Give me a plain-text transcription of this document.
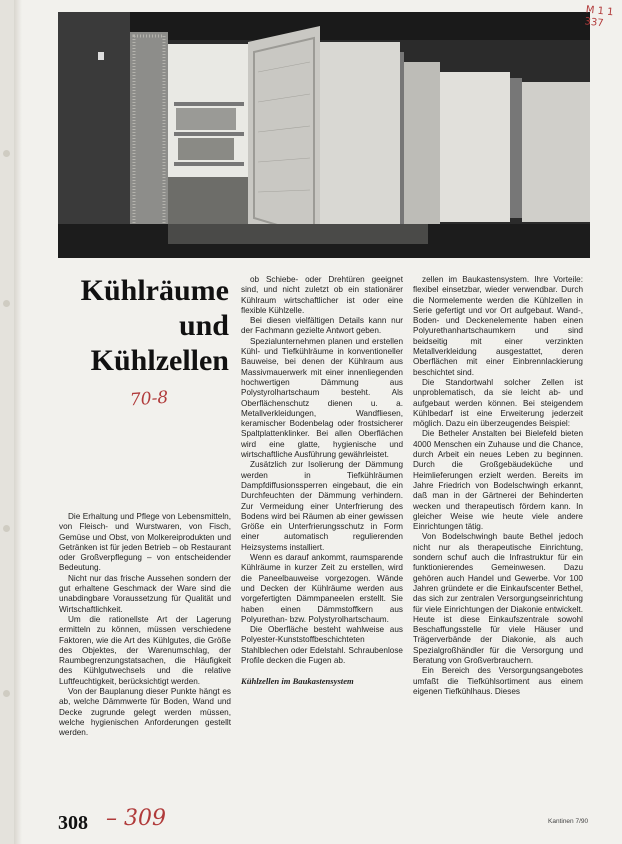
M 1 1
337
Kühlräume
und
Kühlzellen
70-8

Die Erhaltung und Pflege von Lebensmitteln, von Fleisch- und Wurstwaren, von Fisch, Gemüse und Obst, von Molkereiprodukten und Getränken ist für jeden Betrieb – ob Restaurant oder Großverpflegung – von entscheidender Bedeutung.

Nicht nur das frische Aussehen sondern der gut erhaltene Geschmack der Ware sind die unabdingbare Voraussetzung für Qualität und Wirtschaftlichkeit.

Um die rationellste Art der Lagerung ermitteln zu können, müssen verschiedene Faktoren, wie die Art des Kühlgutes, die Größe des Objektes, der Warenumschlag, der Raumbegrenzungstatsachen, die Häufigkeit des Kühlgutwechsels und die relative Luftfeuchtigkeit, berücksichtigt werden.

Von der Bauplanung dieser Punkte hängt es ab, welche Dämmwerte für Boden, Wand und Decke zugrunde gelegt werden müssen, welche hygienischen Anforderungen gestellt werden.

ob Schiebe- oder Drehtüren geeignet sind, und nicht zuletzt ob ein stationärer Kühlraum wirtschaftlicher ist oder eine flexible Kühlzelle.

Bei diesen vielfältigen Details kann nur der Fachmann gezielte Antwort geben.

Spezialunternehmen planen und erstellen Kühl- und Tiefkühlräume in konventioneller Bauweise, bei denen der Kühlraum aus Massivmauerwerk mit einer innenliegenden hochwertigen Dämmung aus Polystyrolhartschaum besteht. Als Oberflächenschutz dienen u. a. Metallverkleidungen, Wandfliesen, keramischer Bodenbelag oder frostsicherer Spaltplattenklinker. Bei allen Oberflächen wird eine glatte, hygienische und wirtschaftliche Ausführung gewährleistet.

Zusätzlich zur Isolierung der Dämmung werden in Tiefkühlräumen Dampfdiffusionssperren eingebaut, die ein Durchfeuchten der Dämmung verhindern. Zur Vermeidung einer Unterfrierung des Bodens wird bei Räumen ab einer gewissen Größe ein Unterfrierungsschutz in Form einer automatisch regulierenden Heizsystems installiert.

Wenn es darauf ankommt, raumsparende Kühlräume in kurzer Zeit zu erstellen, wird die Paneelbauweise vorgezogen. Wände und Decken der Kühlräume werden aus vorgefertigten Dämmpaneelen erstellt. Sie haben einen Dämmstoffkern aus Polyurethan- bzw. Polystyrolhartschaum.

Die Oberfläche besteht wahlweise aus Polyester-Kunststoffbeschichteten Stahlblechen oder Edelstahl. Schraubenlose Profile decken die Fugen ab.

Kühlzellen im Baukastensystem

zellen im Baukastensystem. Ihre Vorteile: flexibel einsetzbar, wieder verwendbar. Durch die Normelemente werden die Kühlzellen in Serie gefertigt und vor Ort aufgebaut. Wand-, Boden- und Deckenelemente haben einen Polyurethanhartschaumkern und sind beidseitig mit einer verzinkten Metallverkleidung ausgestattet, deren Oberflächen mit einer Einbrennlackierung beschichtet sind.

Die Standortwahl solcher Zellen ist unproblematisch, da sie leicht ab- und aufgebaut werden können. Bei steigendem Kühlbedarf ist eine Erweiterung jederzeit möglich. Dazu ein überzeugendes Beispiel:

Die Betheler Anstalten bei Bielefeld bieten 4000 Menschen ein Zuhause und die Chance, durch Arbeit ein neues Leben zu beginnen. Durch die Großgebäudeküche und Heimlieferungen erzielt werden. Bereits im Jahre Friedrich von Bodelschwingh erkannt, daß man in der Gärtnerei der Behinderten wecken und therapeutisch fördern kann. In gleicher Weise wie heute viele andere Einrichtungen tätig.

Von Bodelschwingh baute Bethel jedoch nicht nur als therapeutische Einrichtung, sondern schuf auch die Infrastruktur für ein funktionierendes Gemeinwesen. Dazu gehören auch Handel und Gewerbe. Vor 100 Jahren gründete er die Einkaufscenter Bethel, das sich zur zentralen Versorgungseinrichtung für viele Einrichtungen der Diakonie entwickelt. Heute ist diese Einkaufszentrale sowohl Beschaffungsstelle für viele Häuser und Trägerverbände der Diakonie, als auch Spezialgroßhändler für die Versorgung und Beratung von Großverbrauchern.

Ein Bereich des Versorgungsangebotes umfaßt die Tiefkühlsortiment aus einem eigenen Tiefkühlhaus. Dieses

308 – 309	Kantinen 7/90
